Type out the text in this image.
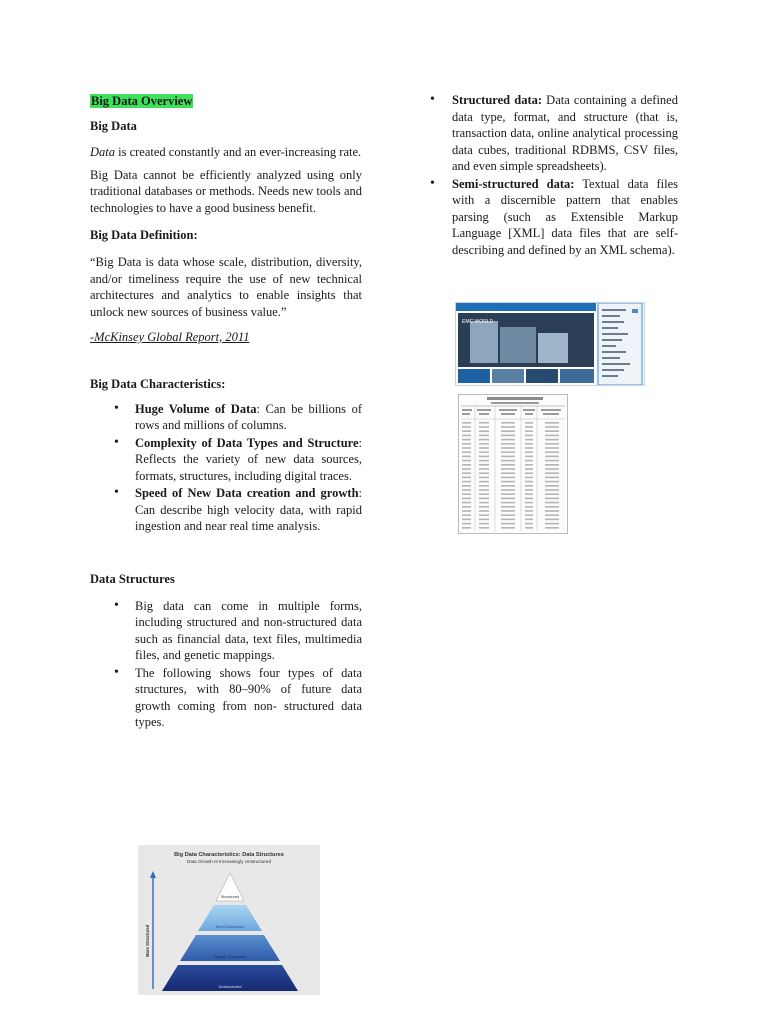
Big Data Overview
Big Data

Data is created constantly and an ever-increasing rate.

Big Data cannot be efficiently analyzed using only traditional databases or methods. Needs new tools and technologies to have a good business benefit.

Big Data Definition:

“Big Data is data whose scale, distribution, diversity, and/or timeliness require the use of new technical architectures and analytics to enable insights that unlock new sources of business value.”

-McKinsey Global Report, 2011

Big Data Characteristics:
• Huge Volume of Data: Can be billions of rows and millions of columns.
• Complexity of Data Types and Structure: Reflects the variety of new data sources, formats, structures, including digital traces.
• Speed of New Data creation and growth: Can describe high velocity data, with rapid ingestion and near real time analysis.
Data Structures
• Big data can come in multiple forms, including structured and non-structured data such as financial data, text files, multimedia files, and genetic mappings.
• The following shows four types of data structures, with 80–90% of future data growth coming from non- structured data types.
• Structured data: Data containing a defined data type, format, and structure (that is, transaction data, online analytical processing data cubes, traditional RDBMS, CSV files, and even simple spreadsheets).
• Semi-structured data: Textual data files with a discernible pattern that enables parsing (such as Extensible Markup Language [XML] data files that are self-describing and defined by an XML schema).
EMC WORLD
Big Data Characteristics: Data Structures
Data Growth Is Increasingly Unstructured
More Structured
Structured
Semi-Structured
"Quasi" Structured
Unstructured
